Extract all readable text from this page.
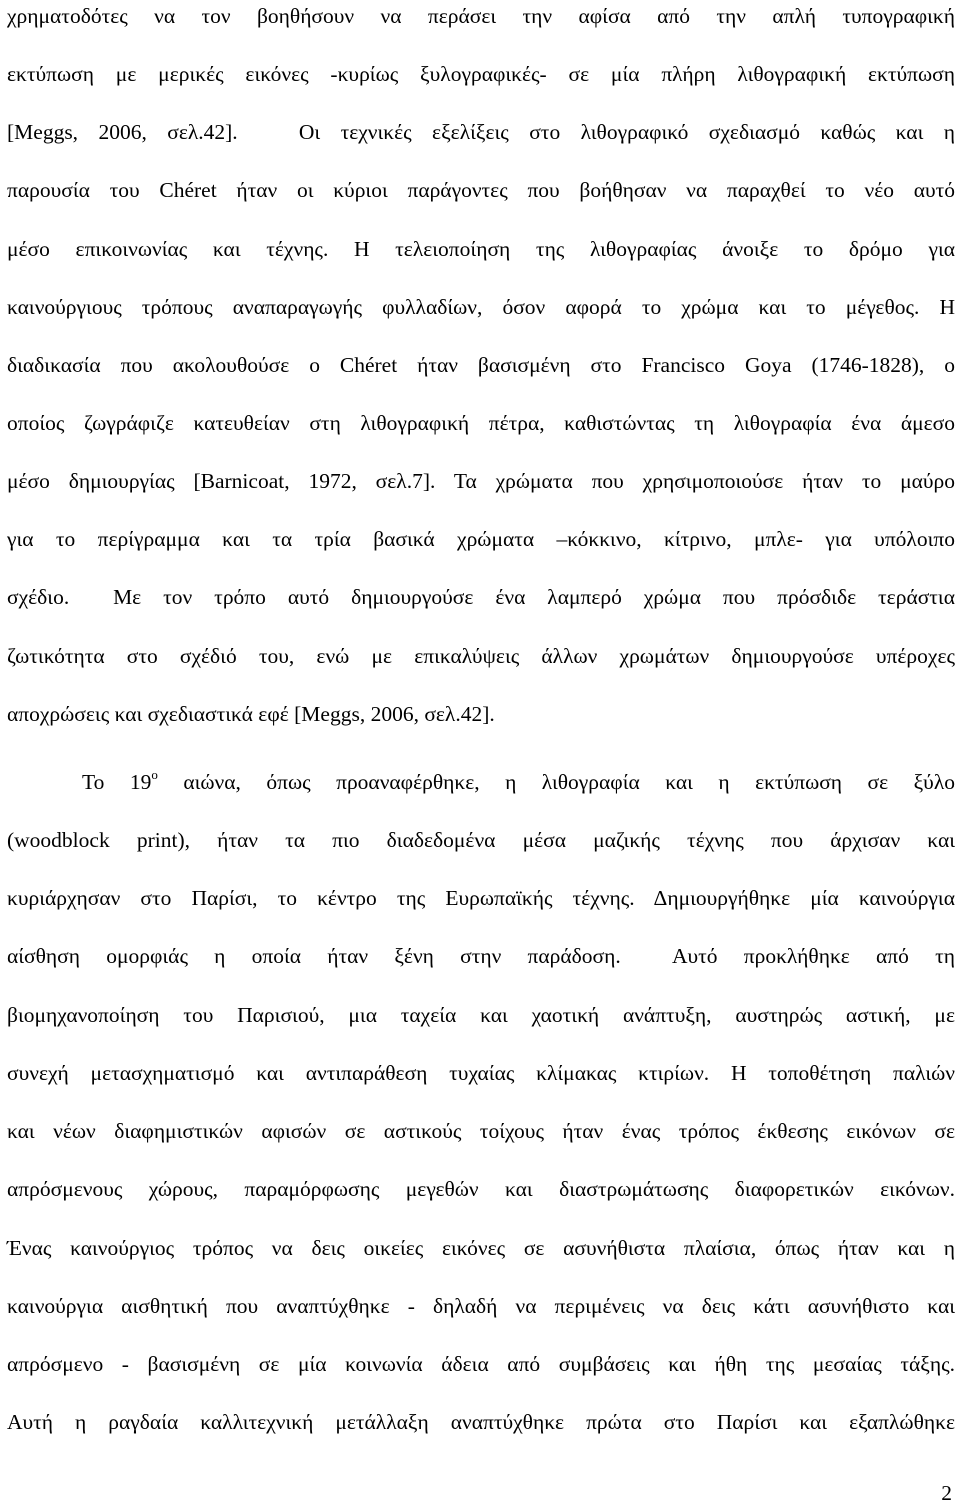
χρηματοδότες να τον βοηθήσουν να περάσει την αφίσα από την απλή τυπογραφική
εκτύπωση με μερικές εικόνες -κυρίως ξυλογραφικές- σε μία πλήρη λιθογραφική εκτύπωση
[Meggs, 2006, σελ.42].   Οι τεχνικές εξελίξεις στο λιθογραφικό σχεδιασμό καθώς και η
παρουσία του Chéret ήταν οι κύριοι παράγοντες που βοήθησαν να παραχθεί το νέο αυτό
μέσο επικοινωνίας και τέχνης. Η τελειοποίηση της λιθογραφίας άνοιξε το δρόμο για
καινούργιους τρόπους αναπαραγωγής φυλλαδίων, όσον αφορά το χρώμα και το μέγεθος. Η
διαδικασία που ακολουθούσε ο Chéret ήταν βασισμένη στο Francisco Goya (1746-1828), ο
οποίος ζωγράφιζε κατευθείαν στη λιθογραφική πέτρα, καθιστώντας τη λιθογραφία ένα άμεσο
μέσο δημιουργίας [Barnicoat, 1972, σελ.7]. Τα χρώματα που χρησιμοποιούσε ήταν το μαύρο
για το περίγραμμα και τα τρία βασικά χρώματα –κόκκινο, κίτρινο, μπλε- για υπόλοιπο
σχέδιο.  Με τον τρόπο αυτό δημιουργούσε ένα λαμπερό χρώμα που πρόσδιδε τεράστια
ζωτικότητα στο σχέδιό του, ενώ με επικαλύψεις άλλων χρωμάτων δημιουργούσε υπέροχες
αποχρώσεις και σχεδιαστικά εφέ [Meggs, 2006, σελ.42].
Το $19^o$ αιώνα, όπως προαναφέρθηκε, η λιθογραφία και η εκτύπωση σε ξύλο
(woodblock print), ήταν τα πιο διαδεδομένα μέσα μαζικής τέχνης που άρχισαν και
κυριάρχησαν στο Παρίσι, το κέντρο της Ευρωπαϊκής τέχνης. Δημιουργήθηκε μία καινούργια
αίσθηση ομορφιάς η οποία ήταν ξένη στην παράδοση.  Αυτό προκλήθηκε από τη
βιομηχανοποίηση του Παρισιού, μια ταχεία και χαοτική ανάπτυξη, αυστηρώς αστική, με
συνεχή μετασχηματισμό και αντιπαράθεση τυχαίας κλίμακας κτιρίων. Η τοποθέτηση παλιών
και νέων διαφημιστικών αφισών σε αστικούς τοίχους ήταν ένας τρόπος έκθεσης εικόνων σε
απρόσμενους χώρους, παραμόρφωσης μεγεθών και διαστρωμάτωσης διαφορετικών εικόνων.
Ένας καινούργιος τρόπος να δεις οικείες εικόνες σε ασυνήθιστα πλαίσια, όπως ήταν και η
καινούργια αισθητική που αναπτύχθηκε - δηλαδή να περιμένεις να δεις κάτι ασυνήθιστο και
απρόσμενο - βασισμένη σε μία κοινωνία άδεια από συμβάσεις και ήθη της μεσαίας τάξης.
Αυτή η ραγδαία καλλιτεχνική μετάλλαξη αναπτύχθηκε πρώτα στο Παρίσι και εξαπλώθηκε
2
